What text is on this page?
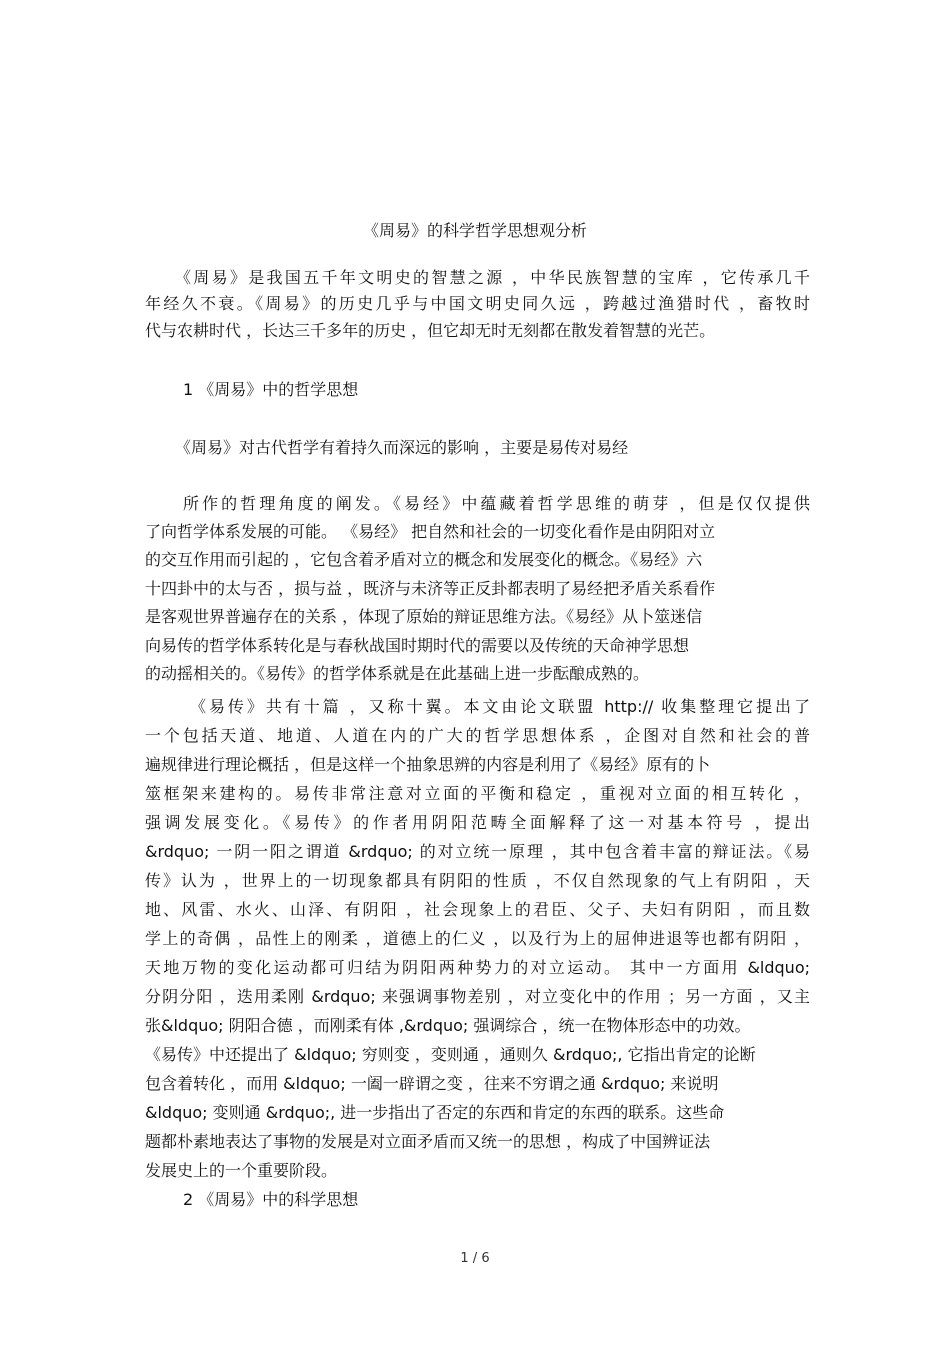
《周易》的科学哲学思想观分析
《周易》是我国五千年文明史的智慧之源 ，中华民族智慧的宝库 ，它传承几千
年经久不衰。《周易》的历史几乎与中国文明史同久远 ，跨越过渔猎时代 ，畜牧时
代与农耕时代 ，长达三千多年的历史 ，但它却无时无刻都在散发着智慧的光芒。
1 《周易》中的哲学思想
《周易》对古代哲学有着持久而深远的影响 ，主要是易传对易经
所作的哲理角度的阐发。《易经》中蕴藏着哲学思维的萌芽 ，但是仅仅提供
了向哲学体系发展的可能。 《易经》 把自然和社会的一切变化看作是由阴阳对立
的交互作用而引起的 ，它包含着矛盾对立的概念和发展变化的概念。《易经》六
十四卦中的太与否 ，损与益 ，既济与未济等正反卦都表明了易经把矛盾关系看作
是客观世界普遍存在的关系 ，体现了原始的辩证思维方法。《易经》从卜筮迷信
向易传的哲学体系转化是与春秋战国时期时代的需要以及传统的天命神学思想
的动摇相关的。《易传》的哲学体系就是在此基础上进一步酝酿成熟的。
《易传》共有十篇 ，又称十翼。本文由论文联盟 http:// 收集整理它提出了
一个包括天道、地道、人道在内的广大的哲学思想体系 ，企图对自然和社会的普
遍规律进行理论概括 ，但是这样一个抽象思辨的内容是利用了《易经》原有的卜
筮框架来建构的。易传非常注意对立面的平衡和稳定 ，重视对立面的相互转化 ，
强调发展变化。《易传》的作者用阴阳范畴全面解释了这一对基本符号 ，提出
&rdquo; 一阴一阳之谓道 &rdquo; 的对立统一原理 ，其中包含着丰富的辩证法。《易
传》认为 ，世界上的一切现象都具有阴阳的性质 ，不仅自然现象的气上有阴阳 ，天
地、风雷、水火、山泽、有阴阳 ，社会现象上的君臣、父子、夫妇有阴阳 ，而且数
学上的奇偶 ，品性上的刚柔 ，道德上的仁义 ，以及行为上的屈伸进退等也都有阴阳 ，
天地万物的变化运动都可归结为阴阳两种势力的对立运动。 其中一方面用 &ldquo;
分阴分阳 ，迭用柔刚 &rdquo; 来强调事物差别 ，对立变化中的作用 ；另一方面 ，又主
张&ldquo; 阴阳合德 ，而刚柔有体 ,&rdquo; 强调综合 ，统一在物体形态中的功效。
《易传》中还提出了 &ldquo; 穷则变 ，变则通 ，通则久 &rdquo;, 它指出肯定的论断
包含着转化 ，而用 &ldquo; 一阖一辟谓之变 ，往来不穷谓之通 &rdquo; 来说明
&ldquo; 变则通 &rdquo;, 进一步指出了否定的东西和肯定的东西的联系。这些命
题都朴素地表达了事物的发展是对立面矛盾而又统一的思想 ，构成了中国辨证法
发展史上的一个重要阶段。
2 《周易》中的科学思想
1 / 6
